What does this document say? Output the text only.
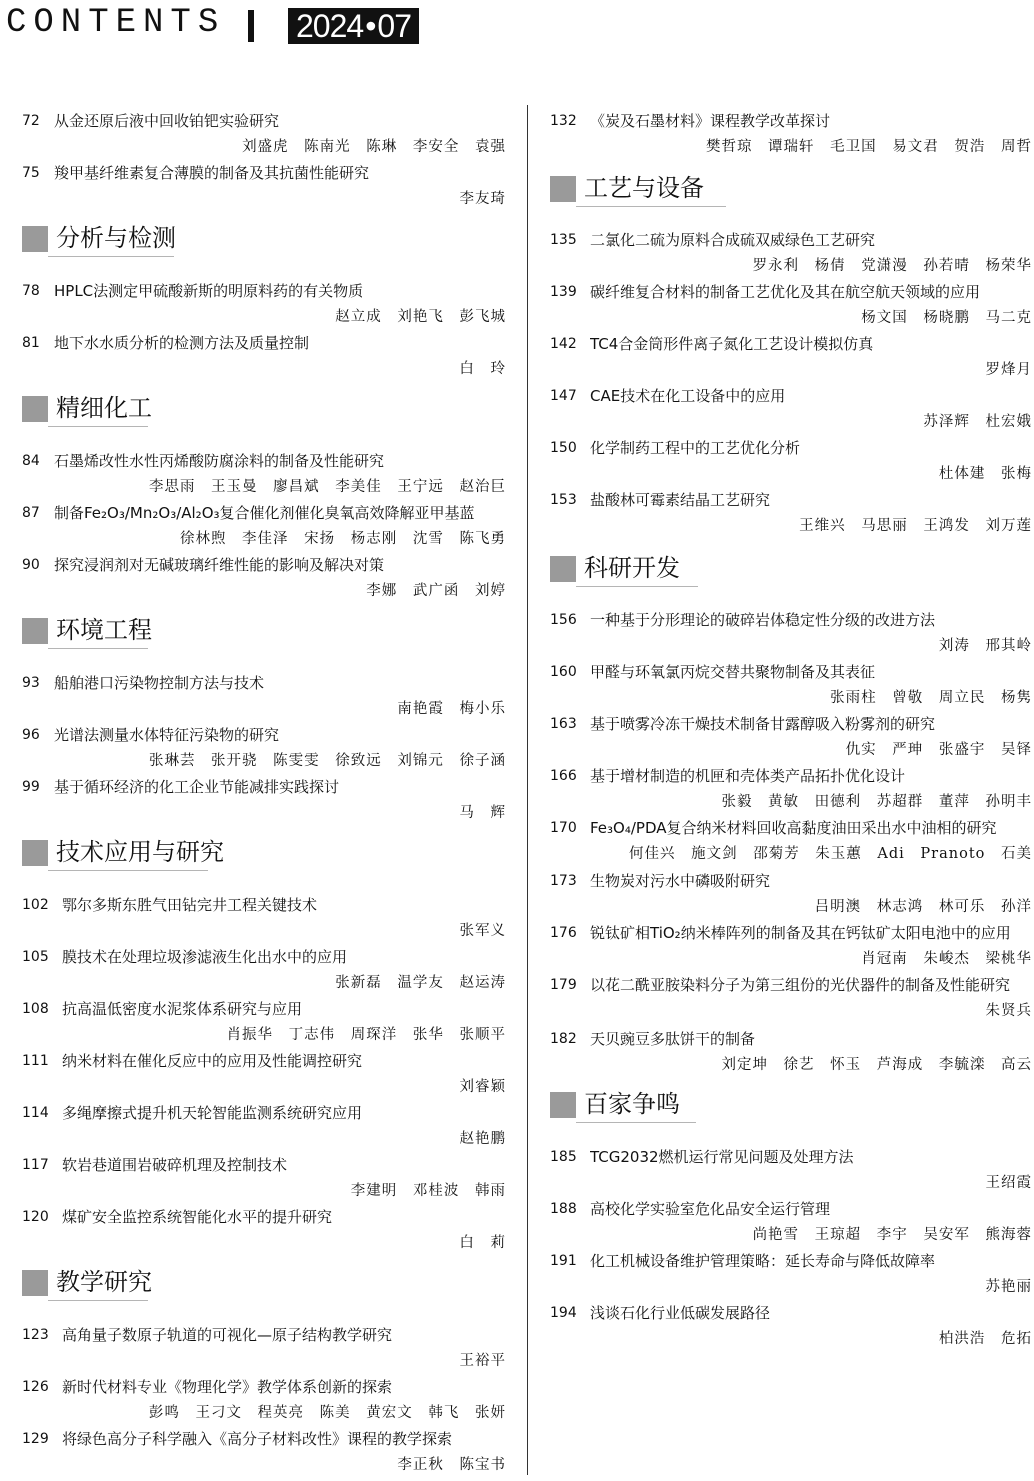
CONTENTS 2024•07
72 从金还原后液中回收铂钯实验研究
刘盛虎 陈南光 陈琳 李安全 袁强
75 羧甲基纤维素复合薄膜的制备及其抗菌性能研究
李友琦
分析与检测
78 HPLC法测定甲硫酸新斯的明原料药的有关物质
赵立成 刘艳飞 彭飞城
81 地下水水质分析的检测方法及质量控制
白 玲
精细化工
84 石墨烯改性水性丙烯酸防腐涂料的制备及性能研究
李思雨 王玉曼 廖昌斌 李美佳 王宁远 赵治巨
87 制备Fe₂O₃/Mn₂O₃/Al₂O₃复合催化剂催化臭氧高效降解亚甲基蓝
徐林煦 李佳泽 宋扬 杨志刚 沈雪 陈飞勇
90 探究浸润剂对无碱玻璃纤维性能的影响及解决对策
李娜 武广函 刘婷
环境工程
93 船舶港口污染物控制方法与技术
南艳霞 梅小乐
96 光谱法测量水体特征污染物的研究
张琳芸 张开骁 陈雯雯 徐致远 刘锦元 徐子涵
99 基于循环经济的化工企业节能减排实践探讨
马 辉
技术应用与研究
102 鄂尔多斯东胜气田钻完井工程关键技术
张军义
105 膜技术在处理垃圾渗滤液生化出水中的应用
张新磊 温学友 赵运涛
108 抗高温低密度水泥浆体系研究与应用
肖振华 丁志伟 周琛洋 张华 张顺平
111 纳米材料在催化反应中的应用及性能调控研究
刘睿颖
114 多绳摩擦式提升机天轮智能监测系统研究应用
赵艳鹏
117 软岩巷道围岩破碎机理及控制技术
李建明 邓桂波 韩雨
120 煤矿安全监控系统智能化水平的提升研究
白 莉
教学研究
123 高角量子数原子轨道的可视化—原子结构教学研究
王裕平
126 新时代材料专业《物理化学》教学体系创新的探索
彭鸣 王刁文 程英亮 陈美 黄宏文 韩飞 张妍
129 将绿色高分子科学融入《高分子材料改性》课程的教学探索
李正秋 陈宝书
132 《炭及石墨材料》课程教学改革探讨
樊哲琼 谭瑞轩 毛卫国 易文君 贺浩 周哲
工艺与设备
135 二氯化二硫为原料合成硫双威绿色工艺研究
罗永利 杨倩 党潇漫 孙若晴 杨荣华
139 碳纤维复合材料的制备工艺优化及其在航空航天领域的应用
杨文国 杨晓鹏 马二克
142 TC4合金筒形件离子氮化工艺设计模拟仿真
罗烽月
147 CAE技术在化工设备中的应用
苏泽辉 杜宏娥
150 化学制药工程中的工艺优化分析
杜体建 张梅
153 盐酸林可霉素结晶工艺研究
王维兴 马思丽 王鸿发 刘万莲
科研开发
156 一种基于分形理论的破碎岩体稳定性分级的改进方法
刘涛 邢其岭
160 甲醛与环氧氯丙烷交替共聚物制备及其表征
张雨柱 曾敬 周立民 杨隽
163 基于喷雾冷冻干燥技术制备甘露醇吸入粉雾剂的研究
仇实 严珅 张盛宇 吴铎
166 基于增材制造的机匣和壳体类产品拓扑优化设计
张毅 黄敏 田德利 苏超群 董萍 孙明丰
170 Fe₃O₄/PDA复合纳米材料回收高黏度油田采出水中油相的研究
何佳兴 施文剑 邵菊芳 朱玉蕙 Adi Pranoto 石美
173 生物炭对污水中磷吸附研究
吕明澳 林志鸿 林可乐 孙洋
176 锐钛矿相TiO₂纳米棒阵列的制备及其在钙钛矿太阳电池中的应用
肖冠南 朱峻杰 梁桃华
179 以花二酰亚胺染料分子为第三组份的光伏器件的制备及性能研究
朱贤兵
182 天贝豌豆多肽饼干的制备
刘定坤 徐艺 怀玉 芦海成 李毓滦 高云
百家争鸣
185 TCG2032燃机运行常见问题及处理方法
王绍霞
188 高校化学实验室危化品安全运行管理
尚艳雪 王琼超 李宇 吴安军 熊海蓉
191 化工机械设备维护管理策略：延长寿命与降低故障率
苏艳丽
194 浅谈石化行业低碳发展路径
柏洪浩 危拓
